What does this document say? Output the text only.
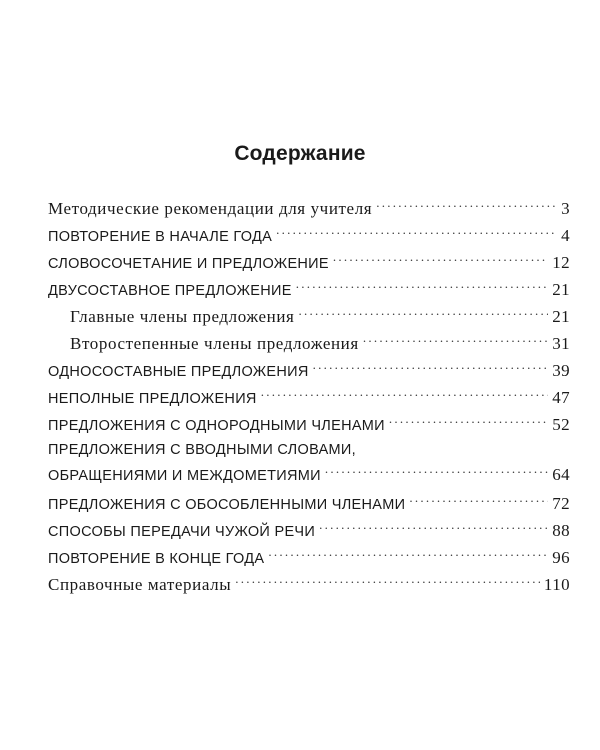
Содержание
Методические рекомендации для учителя . . .	3
ПОВТОРЕНИЕ В НАЧАЛЕ ГОДА . . .	4
СЛОВОСОЧЕТАНИЕ И ПРЕДЛОЖЕНИЕ . . .	12
ДВУСОСТАВНОЕ ПРЕДЛОЖЕНИЕ . . .	21
Главные члены предложения . . .	21
Второстепенные члены предложения . . .	31
ОДНОСОСТАВНЫЕ ПРЕДЛОЖЕНИЯ . . .	39
НЕПОЛНЫЕ ПРЕДЛОЖЕНИЯ . . .	47
ПРЕДЛОЖЕНИЯ С ОДНОРОДНЫМИ ЧЛЕНАМИ . . .	52
ПРЕДЛОЖЕНИЯ С ВВОДНЫМИ СЛОВАМИ,
ОБРАЩЕНИЯМИ И МЕЖДОМЕТИЯМИ . . .	64
ПРЕДЛОЖЕНИЯ С ОБОСОБЛЕННЫМИ ЧЛЕНАМИ . . .	72
СПОСОБЫ ПЕРЕДАЧИ ЧУЖОЙ РЕЧИ . . .	88
ПОВТОРЕНИЕ В КОНЦЕ ГОДА . . .	96
Справочные материалы . . .	110
